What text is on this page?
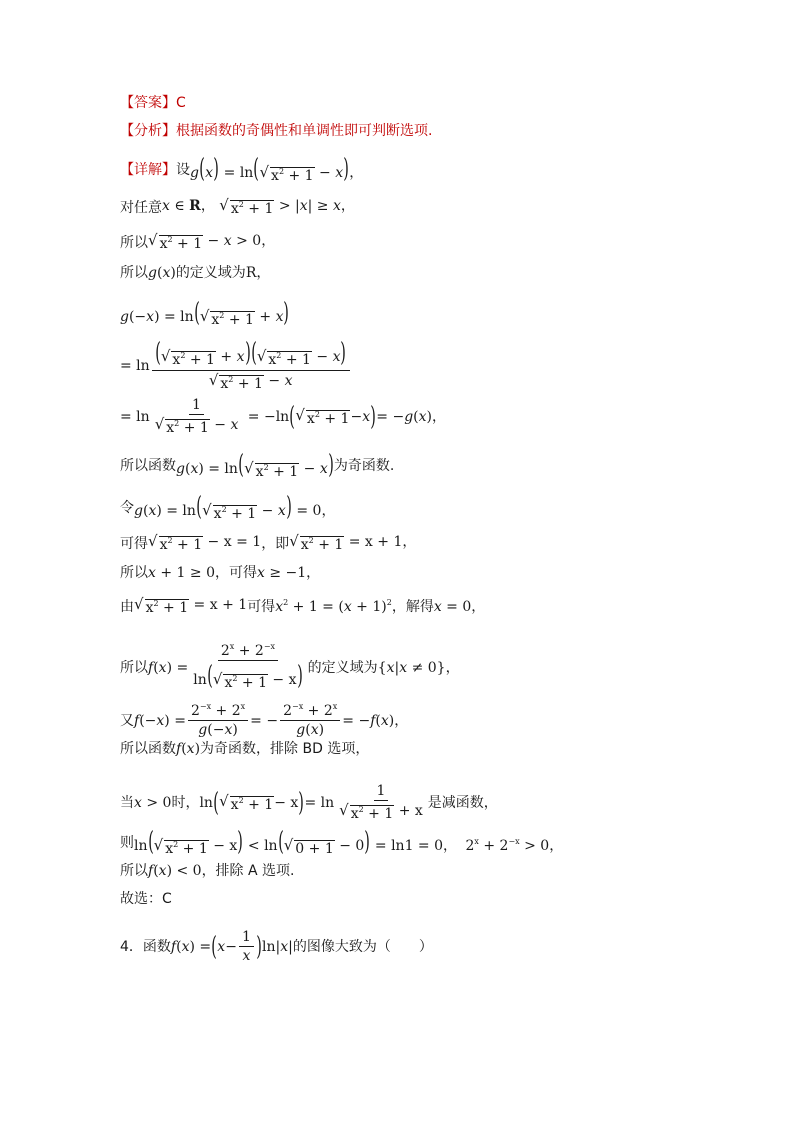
【答案】 C
【分析】 根据函数的奇偶性和单调性即可判断选项.
【详解】 设 g(x) = ln( √ $x^2 + 1 - x$)，
对任意 x ∈ R， √ $x^2 + 1 > |x| \ge x$，
所以 √ $x^2 + 1 - x > 0$，
所以 g(x) 的定义域为 R，
g(−x) = ln( √ $x^2 + 1 + x$)
= $\ln \frac{( √ x^2 + 1 + x)( √ x^2 + 1 - x)}{√ x^2 + 1 - x}$
= $\ln \frac{1}{√ x^2 + 1 - x} = -\ln$ ( √ $x^2 + 1 - x$ ) = − g ( x )，
所以函数 g(x) = ln( √ $x^2 + 1 - x$) 为奇函数.
令 g(x) = ln( √ $x^2 + 1 - x) = 0$，
可得 √ $x^2 + 1 - x = 1$ ，即 √ $x^2 + 1 = x + 1$，
所以 x + 1 ≥ 0 ，可得 x ≥ −1，
由 √ $x^2 + 1 = x + 1$ 可得 $x^2 + 1 = (x + 1)^2$ ，解得 x = 0，
所以 f ( x ) = $\frac{2^x + 2^{-x}}{\ln( √ x^2 + 1 - x)}$ 的定义域为 {x|x ≠ 0}，
又 f (− x ) = $\frac{2^{-x} + 2^x}{g(-x)}$ = − $\frac{2^{-x} + 2^x}{g(x)}$ = − f ( x )，
所以函数 f(x) 为奇函数，排除 BD 选项，
当 x > 0 时， ln ( √ $x^2 + 1 - x$ ) = $\ln \frac{1}{√ x^2 + 1 + x}$ 是减函数，
则 ln( √ $x^2 + 1 - x) < \ln$( √ 0 + 1 − 0) = ln1 = 0， $2^x + 2^{-x} > 0$，
所以 f(x) < 0 ，排除 A 选项.
故选： C
4． 函数 f ( x ) = ( $x - \frac{1}{x}$ ) ln| x | 的图像大致为（　　）
